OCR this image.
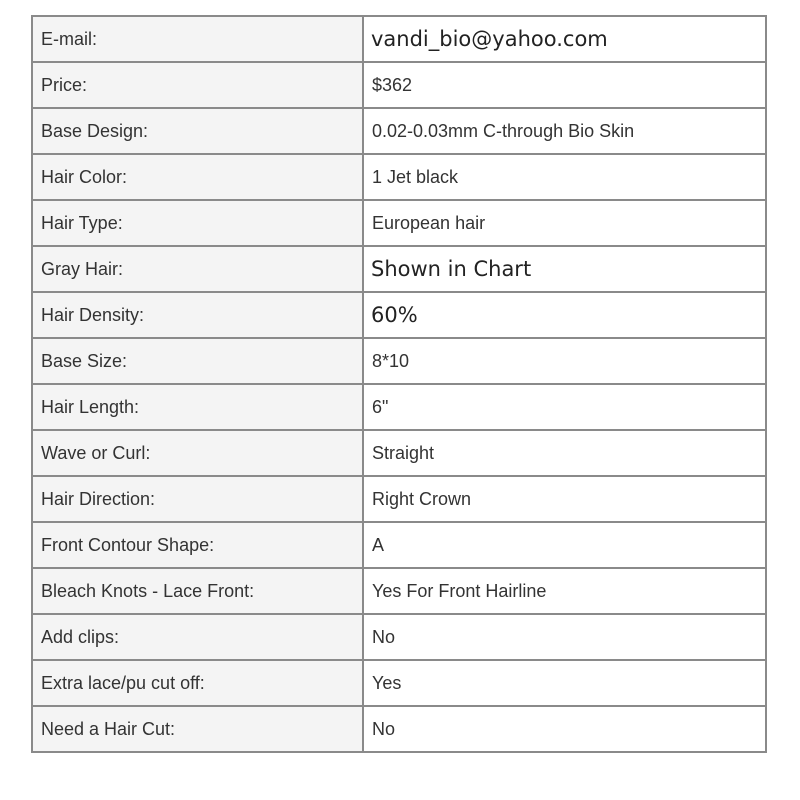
E-mail:	vandi_bio@yahoo.com
Price:	$362
Base Design:	0.02-0.03mm C-through Bio Skin
Hair Color:	1 Jet black
Hair Type:	European hair
Gray Hair:	Shown in Chart
Hair Density:	60%
Base Size:	8*10
Hair Length:	6"
Wave or Curl:	Straight
Hair Direction:	Right Crown
Front Contour Shape:	A
Bleach Knots - Lace Front:	Yes For Front Hairline
Add clips:	No
Extra lace/pu cut off:	Yes
Need a Hair Cut:	No
